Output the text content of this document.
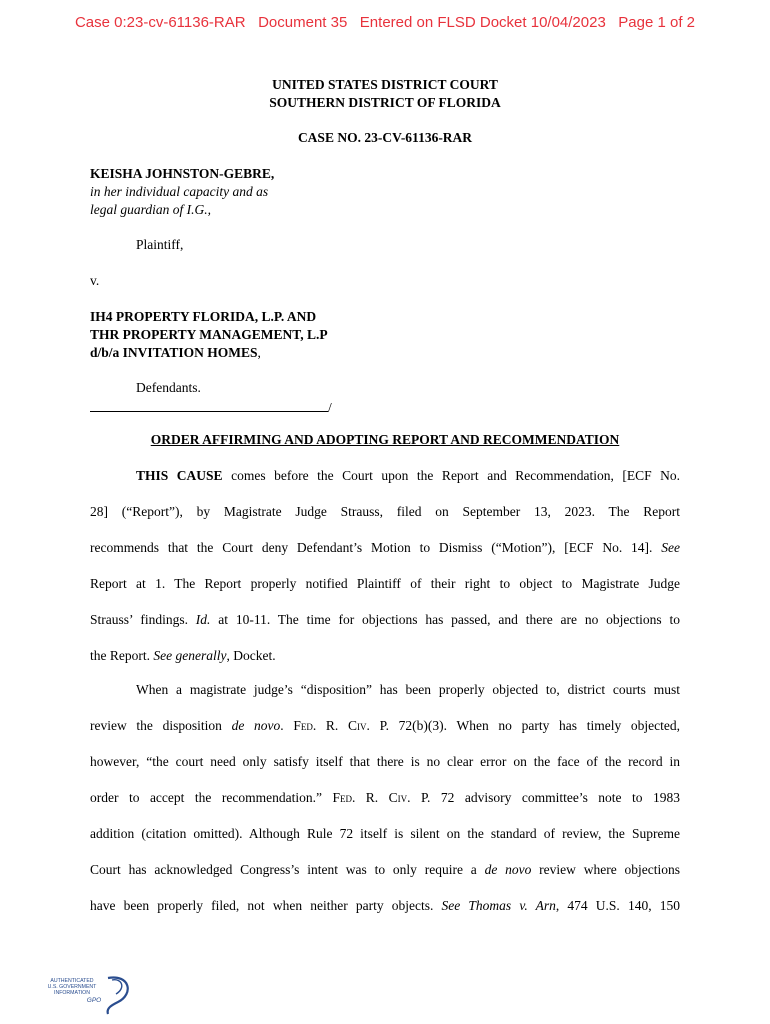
Case 0:23-cv-61136-RAR   Document 35   Entered on FLSD Docket 10/04/2023   Page 1 of 2
UNITED STATES DISTRICT COURT
SOUTHERN DISTRICT OF FLORIDA
CASE NO. 23-CV-61136-RAR
KEISHA JOHNSTON-GEBRE,
in her individual capacity and as
legal guardian of I.G.,
Plaintiff,
v.
IH4 PROPERTY FLORIDA, L.P. AND
THR PROPERTY MANAGEMENT, L.P
d/b/a INVITATION HOMES,
Defendants.
/
ORDER AFFIRMING AND ADOPTING REPORT AND RECOMMENDATION
THIS CAUSE comes before the Court upon the Report and Recommendation, [ECF No.
28] (“Report”), by Magistrate Judge Strauss, filed on September 13, 2023. The Report
recommends that the Court deny Defendant’s Motion to Dismiss (“Motion”), [ECF No. 14]. See
Report at 1. The Report properly notified Plaintiff of their right to object to Magistrate Judge
Strauss’ findings. Id. at 10-11. The time for objections has passed, and there are no objections to
the Report. See generally, Docket.
When a magistrate judge’s “disposition” has been properly objected to, district courts must
review the disposition de novo. Fed. R. Civ. P. 72(b)(3). When no party has timely objected,
however, “the court need only satisfy itself that there is no clear error on the face of the record in
order to accept the recommendation.” Fed. R. Civ. P. 72 advisory committee’s note to 1983
addition (citation omitted). Although Rule 72 itself is silent on the standard of review, the Supreme
Court has acknowledged Congress’s intent was to only require a de novo review where objections
have been properly filed, not when neither party objects. See Thomas v. Arn, 474 U.S. 140, 150
AUTHENTICATED
U.S. GOVERNMENT
INFORMATION
GPO
